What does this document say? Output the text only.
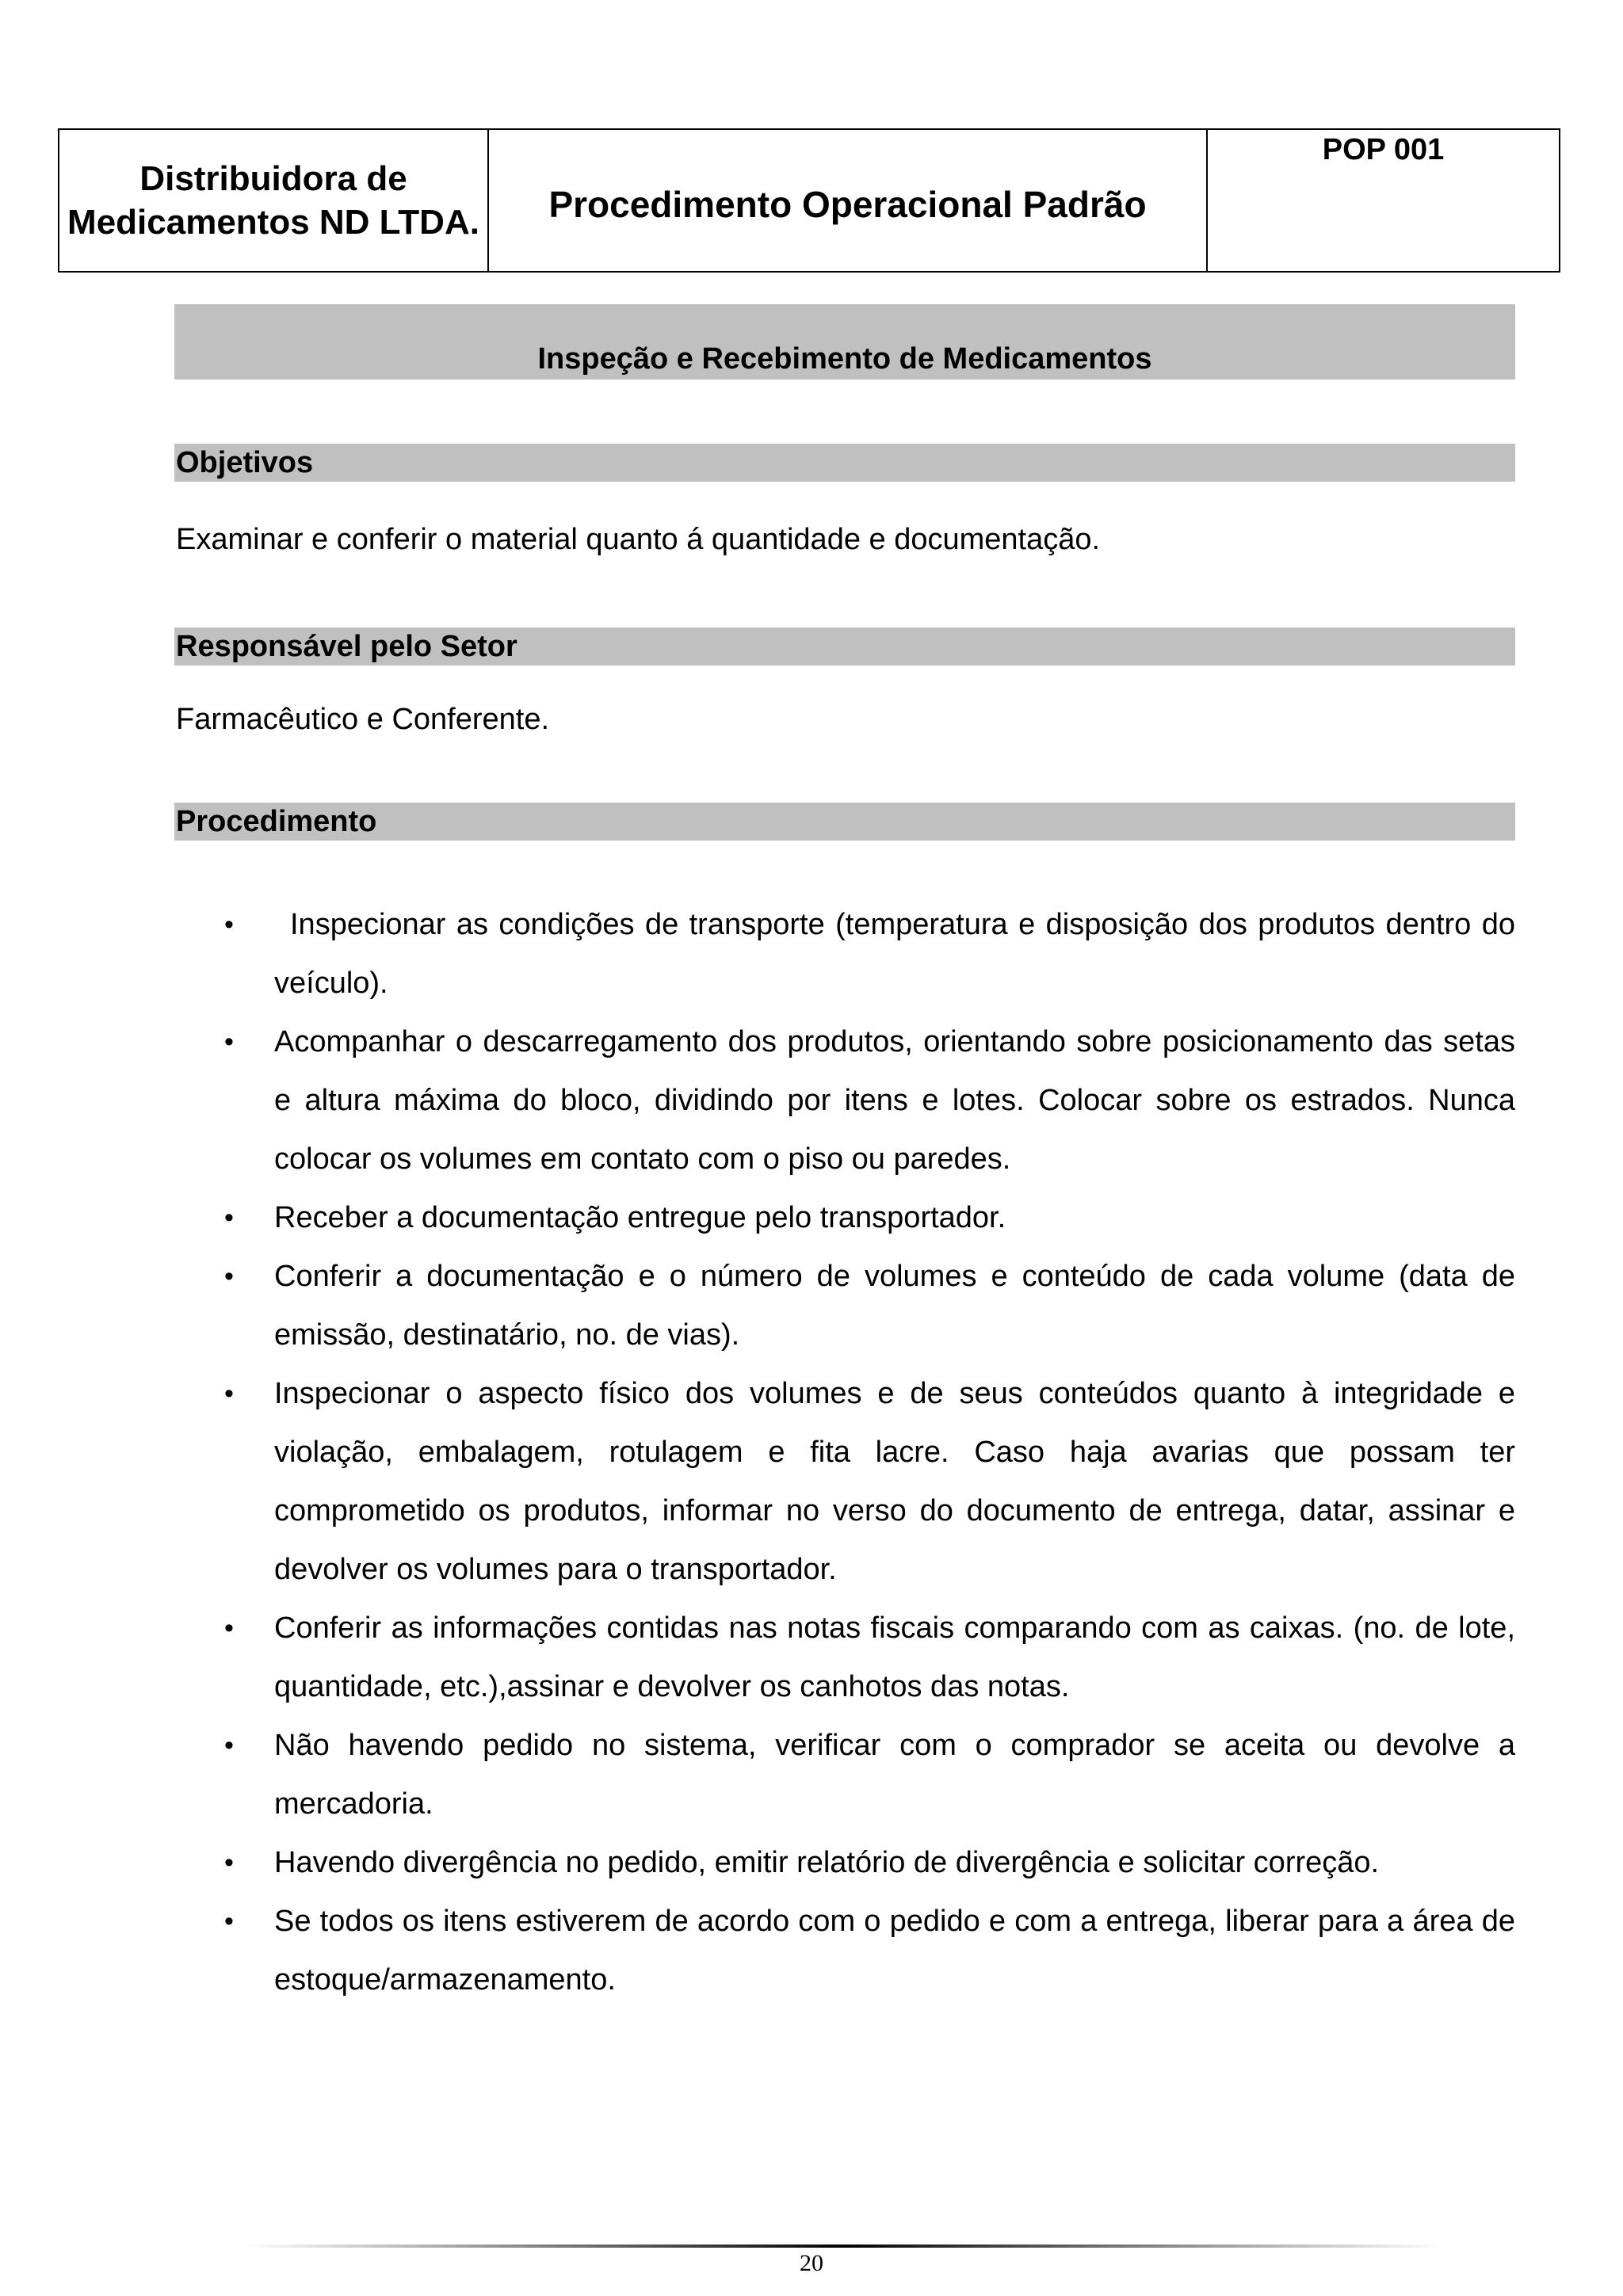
Distribuidora de Medicamentos ND LTDA.	Procedimento Operacional Padrão
POP 001
Inspeção e Recebimento de Medicamentos
Objetivos
Examinar e conferir o material quanto á quantidade e documentação.
Responsável pelo Setor
Farmacêutico e Conferente.
Procedimento
•	Inspecionar as condições de transporte (temperatura e disposição dos produtos dentro do veículo).
• Acompanhar o descarregamento dos produtos, orientando sobre posicionamento das setas e altura máxima do bloco, dividindo por itens e lotes. Colocar sobre os estrados. Nunca colocar os volumes em contato com o piso ou paredes.
• Receber a documentação entregue pelo transportador.
• Conferir a documentação e o número de volumes e conteúdo de cada volume (data de emissão, destinatário, no. de vias).
• Inspecionar o aspecto físico dos volumes e de seus conteúdos quanto à integridade e violação, embalagem, rotulagem e fita lacre. Caso haja avarias que possam ter comprometido os produtos, informar no verso do documento de entrega, datar, assinar e devolver os volumes para o transportador.
• Conferir as informações contidas nas notas fiscais comparando com as caixas. (no. de lote, quantidade, etc.),assinar e devolver os canhotos das notas.
• Não havendo pedido no sistema, verificar com o comprador se aceita ou devolve a mercadoria.
• Havendo divergência no pedido, emitir relatório de divergência e solicitar correção.
• Se todos os itens estiverem de acordo com o pedido e com a entrega, liberar para a área de estoque/armazenamento.
20
